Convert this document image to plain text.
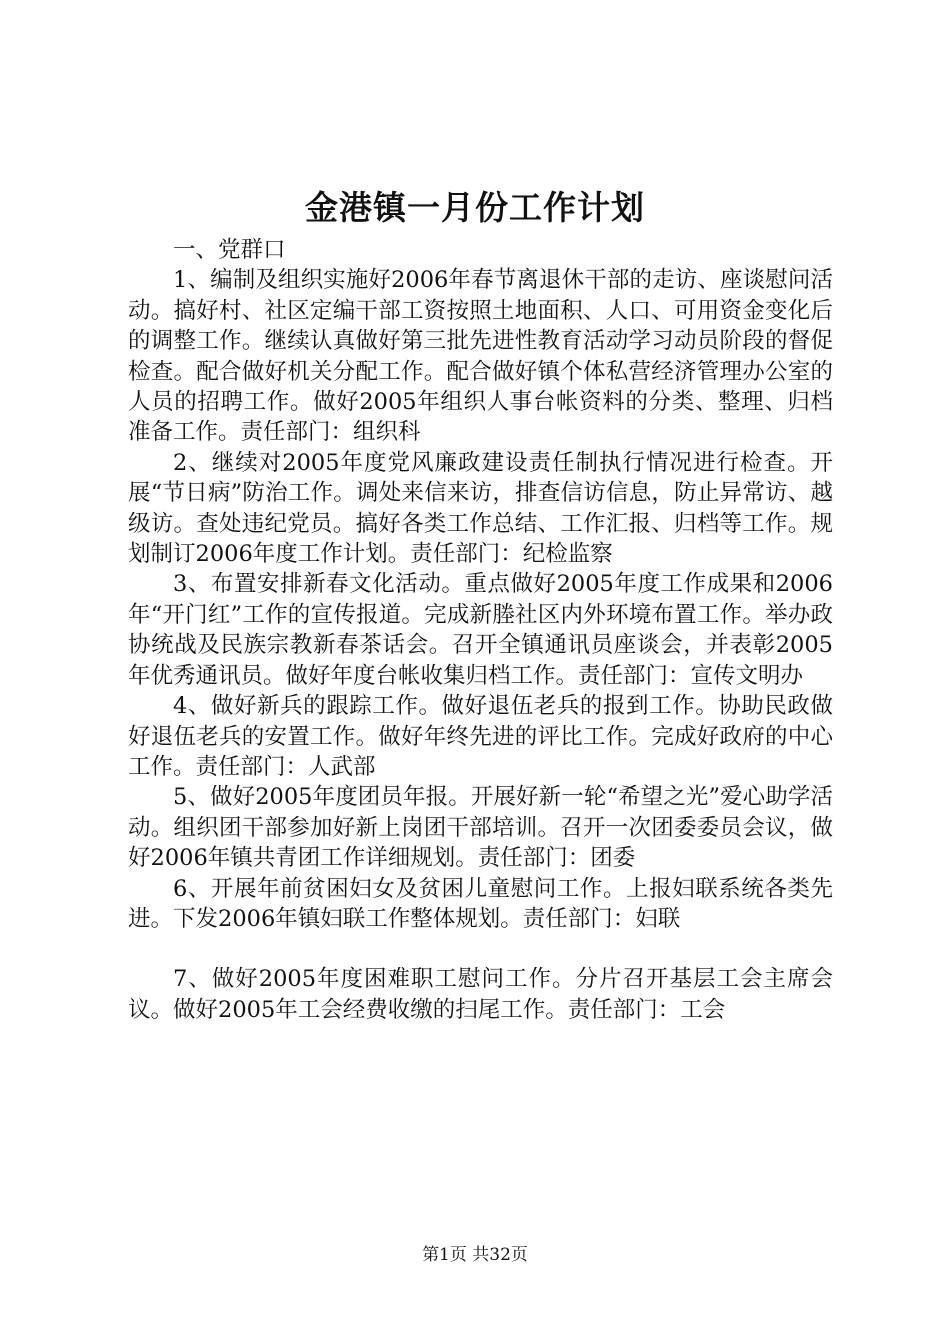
金港镇一月份工作计划

一、党群口

1、编制及组织实施好2006年春节离退休干部的走访、座谈慰问活动。搞好村、社区定编干部工资按照土地面积、人口、可用资金变化后的调整工作。继续认真做好第三批先进性教育活动学习动员阶段的督促检查。配合做好机关分配工作。配合做好镇个体私营经济管理办公室的人员的招聘工作。做好2005年组织人事台帐资料的分类、整理、归档准备工作。责任部门：组织科

2、继续对2005年度党风廉政建设责任制执行情况进行检查。开展“节日病”防治工作。调处来信来访，排查信访信息，防止异常访、越级访。查处违纪党员。搞好各类工作总结、工作汇报、归档等工作。规划制订2006年度工作计划。责任部门：纪检监察

3、布置安排新春文化活动。重点做好2005年度工作成果和2006年“开门红”工作的宣传报道。完成新塍社区内外环境布置工作。举办政协统战及民族宗教新春茶话会。召开全镇通讯员座谈会，并表彰2005年优秀通讯员。做好年度台帐收集归档工作。责任部门：宣传文明办

4、做好新兵的跟踪工作。做好退伍老兵的报到工作。协助民政做好退伍老兵的安置工作。做好年终先进的评比工作。完成好政府的中心工作。责任部门：人武部

5、做好2005年度团员年报。开展好新一轮“希望之光”爱心助学活动。组织团干部参加好新上岗团干部培训。召开一次团委委员会议，做好2006年镇共青团工作详细规划。责任部门：团委

6、开展年前贫困妇女及贫困儿童慰问工作。上报妇联系统各类先进。下发2006年镇妇联工作整体规划。责任部门：妇联

7、做好2005年度困难职工慰问工作。分片召开基层工会主席会议。做好2005年工会经费收缴的扫尾工作。责任部门：工会

第1页 共32页
